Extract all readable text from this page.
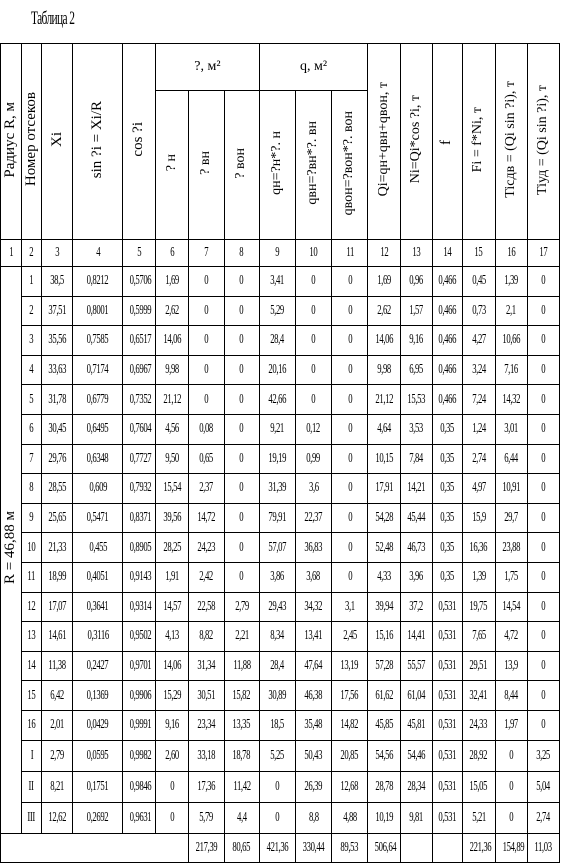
Таблица 2
Радиус R, м	Номер отсеков	Xi	sin ?i = Xi/R	cos ?i	?, м²			q, м²			Qi=qн+qвн+qвон, т	Ni=Qi*cos ?i, т	f	Fi = f*Ni, т	Tiсдв = (Qi sin ?i), т	Tiуд = (Qi sin ?i), т
					? н	? вн	? вон	qн=?н*?. н	qвн=?вн*?. вн	qвон=?вон*?. вон						
1	2	3	4	5	6	7	8	9	10	11	12	13	14	15	16	17
R = 46,88 м	1	38,5	0,8212	0,5706	1,69	0	0	3,41	0	0	1,69	0,96	0,466	0,45	1,39	0
	2	37,51	0,8001	0,5999	2,62	0	0	5,29	0	0	2,62	1,57	0,466	0,73	2,1	0
	3	35,56	0,7585	0,6517	14,06	0	0	28,4	0	0	14,06	9,16	0,466	4,27	10,66	0
	4	33,63	0,7174	0,6967	9,98	0	0	20,16	0	0	9,98	6,95	0,466	3,24	7,16	0
	5	31,78	0,6779	0,7352	21,12	0	0	42,66	0	0	21,12	15,53	0,466	7,24	14,32	0
	6	30,45	0,6495	0,7604	4,56	0,08	0	9,21	0,12	0	4,64	3,53	0,35	1,24	3,01	0
	7	29,76	0,6348	0,7727	9,50	0,65	0	19,19	0,99	0	10,15	7,84	0,35	2,74	6,44	0
	8	28,55	0,609	0,7932	15,54	2,37	0	31,39	3,6	0	17,91	14,21	0,35	4,97	10,91	0
	9	25,65	0,5471	0,8371	39,56	14,72	0	79,91	22,37	0	54,28	45,44	0,35	15,9	29,7	0
	10	21,33	0,455	0,8905	28,25	24,23	0	57,07	36,83	0	52,48	46,73	0,35	16,36	23,88	0
	11	18,99	0,4051	0,9143	1,91	2,42	0	3,86	3,68	0	4,33	3,96	0,35	1,39	1,75	0
	12	17,07	0,3641	0,9314	14,57	22,58	2,79	29,43	34,32	3,1	39,94	37,2	0,531	19,75	14,54	0
	13	14,61	0,3116	0,9502	4,13	8,82	2,21	8,34	13,41	2,45	15,16	14,41	0,531	7,65	4,72	0
	14	11,38	0,2427	0,9701	14,06	31,34	11,88	28,4	47,64	13,19	57,28	55,57	0,531	29,51	13,9	0
	15	6,42	0,1369	0,9906	15,29	30,51	15,82	30,89	46,38	17,56	61,62	61,04	0,531	32,41	8,44	0
	16	2,01	0,0429	0,9991	9,16	23,34	13,35	18,5	35,48	14,82	45,85	45,81	0,531	24,33	1,97	0
	I	2,79	0,0595	0,9982	2,60	33,18	18,78	5,25	50,43	20,85	54,56	54,46	0,531	28,92	0	3,25
	II	8,21	0,1751	0,9846	0	17,36	11,42	0	26,39	12,68	28,78	28,34	0,531	15,05	0	5,04
	III	12,62	0,2692	0,9631	0	5,79	4,4	0	8,8	4,88	10,19	9,81	0,531	5,21	0	2,74
						217,39	80,65	421,36	330,44	89,53	506,64			221,36	154,89	11,03
